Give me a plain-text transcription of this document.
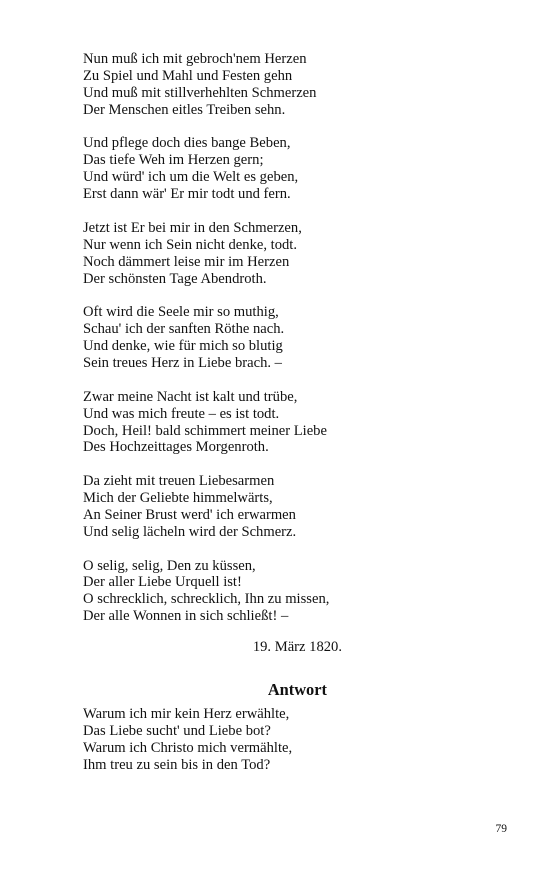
Nun muß ich mit gebroch'nem Herzen
Zu Spiel und Mahl und Festen gehn
Und muß mit stillverhehlten Schmerzen
Der Menschen eitles Treiben sehn.
Und pflege doch dies bange Beben,
Das tiefe Weh im Herzen gern;
Und würd' ich um die Welt es geben,
Erst dann wär' Er mir todt und fern.
Jetzt ist Er bei mir in den Schmerzen,
Nur wenn ich Sein nicht denke, todt.
Noch dämmert leise mir im Herzen
Der schönsten Tage Abendroth.
Oft wird die Seele mir so muthig,
Schau' ich der sanften Röthe nach.
Und denke, wie für mich so blutig
Sein treues Herz in Liebe brach. –
Zwar meine Nacht ist kalt und trübe,
Und was mich freute – es ist todt.
Doch, Heil! bald schimmert meiner Liebe
Des Hochzeittages Morgenroth.
Da zieht mit treuen Liebesarmen
Mich der Geliebte himmelwärts,
An Seiner Brust werd' ich erwarmen
Und selig lächeln wird der Schmerz.
O selig, selig, Den zu küssen,
Der aller Liebe Urquell ist!
O schrecklich, schrecklich, Ihn zu missen,
Der alle Wonnen in sich schließt! –
19. März 1820.
Antwort
Warum ich mir kein Herz erwählte,
Das Liebe sucht' und Liebe bot?
Warum ich Christo mich vermählte,
Ihm treu zu sein bis in den Tod?
79
